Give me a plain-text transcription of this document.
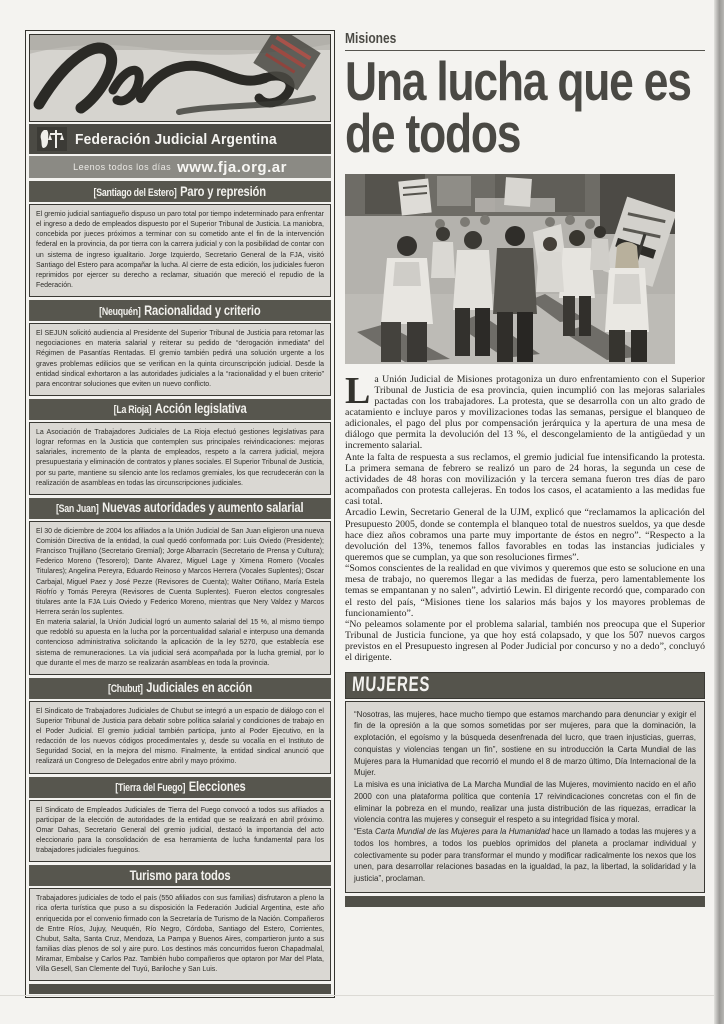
Federación Judicial Argentina
Leenos todos los días www.fja.org.ar
[Santiago del Estero] Paro y represión

El gremio judicial santiagueño dispuso un paro total por tiempo indeterminado para enfrentar el ingreso a dedo de empleados dispuesto por el Superior Tribunal de Justicia. La maniobra, concebida por jueces próximos a terminar con su cometido ante el fin de la intervención federal en la provincia, da por tierra con la carrera judicial y con la posibilidad de contar con un sistema de ingreso igualitario. Jorge Izquierdo, Secretario General de la FJA, visitó Santiago del Estero para acompañar la lucha. Al cierre de esta edición, los judiciales fueron reprimidos por ejercer su derecho a reclamar, situación que mereció el repudio de la Federación.

[Neuquén] Racionalidad y criterio

El SEJUN solicitó audiencia al Presidente del Superior Tribunal de Justicia para retomar las negociaciones en materia salarial y reiterar su pedido de “derogación inmediata” del Régimen de Pasantías Rentadas. El gremio también pedirá una solución urgente a los graves problemas edilicios que se verifican en la quinta circunscripción judicial. Desde la entidad sindical exhortaron a las autoridades judiciales a la “racionalidad y el buen criterio” para encontrar soluciones que eviten un nuevo conflicto.

[La Rioja] Acción legislativa

La Asociación de Trabajadores Judiciales de La Rioja efectuó gestiones legislativas para lograr reformas en la Justicia que contemplen sus principales reivindicaciones: mejoras salariales, incremento de la planta de empleados, respeto a la carrera judicial, mejora presupuestaria y eliminación de contratos y planes sociales. El Superior Tribunal de Justicia, por su parte, mantiene su silencio ante los reclamos gremiales, los que recrudecerán con la realización de asambleas en todas las circunscripciones judiciales.

[San Juan] Nuevas autoridades y aumento salarial

El 30 de diciembre de 2004 los afiliados a la Unión Judicial de San Juan eligieron una nueva Comisión Directiva de la entidad, la cual quedó conformada por: Luis Oviedo (Presidente); Francisco Trujillano (Secretario Gremial); Jorge Albarracín (Secretario de Prensa y Cultura); Federico Moreno (Tesorero); Dante Alvarez, Miguel Lage y Ximena Romero (Vocales Titulares); Angelina Pereyra, Eduardo Reinoso y Marcos Herrera (Vocales Suplentes); Oscar Carbajal, Miguel Paez y José Pezze (Revisores de Cuenta); Walter Otiñano, María Estela Riofrío y Tomás Pereyra (Revisores de Cuenta Suplentes). Fueron electos congresales titulares ante la FJA Luis Oviedo y Federico Moreno, mientras que Nery Valdez y Marcos Herrera serán los suplentes.

En materia salarial, la Unión Judicial logró un aumento salarial del 15 %, al mismo tiempo que redobló su apuesta en la lucha por la porcentualidad salarial e interpuso una demanda contencioso administrativa solicitando la aplicación de la ley 5270, que establecía ese sistema de remuneraciones. La vía judicial será acompañada por la lucha gremial, por lo que durante el mes de marzo se realizarán asambleas en toda la provincia.

[Chubut] Judiciales en acción

El Sindicato de Trabajadores Judiciales de Chubut se integró a un espacio de diálogo con el Superior Tribunal de Justicia para debatir sobre política salarial y condiciones de trabajo en el Poder Judicial. El gremio judicial también participa, junto al Poder Ejecutivo, en la redacción de los nuevos códigos procedimentales y, desde su vocalía en el Instituto de Seguridad Social, en la mejora del mismo. Finalmente, la entidad sindical anunció que realizará un Congreso de Delegados entre abril y mayo próximo.

[Tierra del Fuego] Elecciones

El Sindicato de Empleados Judiciales de Tierra del Fuego convocó a todos sus afiliados a participar de la elección de autoridades de la entidad que se realizará en abril próximo. Omar Dahas, Secretario General del gremio judicial, destacó la importancia del acto eleccionario para la consolidación de esa herramienta de lucha fundamental para los trabajadores judiciales fueguinos.

Turismo para todos

Trabajadores judiciales de todo el país (550 afiliados con sus familias) disfrutaron a pleno la rica oferta turística que puso a su disposición la Federación Judicial Argentina, este año enriquecida por el convenio firmado con la Secretaría de Turismo de la Nación. Compañeros de Entre Ríos, Jujuy, Neuquén, Río Negro, Córdoba, Santiago del Estero, Corrientes, Chubut, Salta, Santa Cruz, Mendoza, La Pampa y Buenos Aires, compartieron junto a sus familias días plenos de sol y aire puro. Los destinos más concurridos fueron Chapadmalal, Miramar, Embalse y Carlos Paz. También hubo compañeros que optaron por Mar del Plata, Villa Gesell, San Clemente del Tuyú, Bariloche y San Luis.

Misiones
Una lucha que es de todos

La Unión Judicial de Misiones protagoniza un duro enfrentamiento con el Superior Tribunal de Justicia de esa provincia, quien incumplió con las mejoras salariales pactadas con los trabajadores. La protesta, que se desarrolla con un alto grado de acatamiento e incluye paros y movilizaciones todas las semanas, persigue el blanqueo de adicionales, el pago del plus por compensación jerárquica y la apertura de una mesa de diálogo que permita la devolución del 13 %, el descongelamiento de la antigüedad y un incremento salarial.

Ante la falta de respuesta a sus reclamos, el gremio judicial fue intensificando la protesta. La primera semana de febrero se realizó un paro de 24 horas, la segunda un cese de actividades de 48 horas con movilización y la tercera semana fueron tres días de paro acompañados con protesta callejeras. En todos los casos, el acatamiento a las medidas fue casi total.

Arcadio Lewin, Secretario General de la UJM, explicó que “reclamamos la aplicación del Presupuesto 2005, donde se contempla el blanqueo total de nuestros sueldos, ya que desde hace diez años cobramos una parte muy importante de éstos en negro”. “Respecto a la devolución del 13%, tenemos fallos favorables en todas las instancias judiciales y queremos que se cumplan, ya que son resoluciones firmes”.

“Somos conscientes de la realidad en que vivimos y queremos que esto se solucione en una mesa de trabajo, no queremos llegar a las medidas de fuerza, pero lamentablemente los temas se empantanan y no salen”, advirtió Lewin. El dirigente recordó que, comparado con el resto del país, “Misiones tiene los salarios más bajos y los mayores problemas de funcionamiento”.

“No peleamos solamente por el problema salarial, también nos preocupa que el Superior Tribunal de Justicia funcione, ya que hoy está colapsado, y que los 507 nuevos cargos previstos en el Presupuesto ingresen al Poder Judicial por concurso y no a dedo”, concluyó el dirigente.

MUJERES

“Nosotras, las mujeres, hace mucho tiempo que estamos marchando para denunciar y exigir el fin de la opresión a la que somos sometidas por ser mujeres, para que la dominación, la explotación, el egoísmo y la búsqueda desenfrenada del lucro, que traen injusticias, guerras, conquistas y violencias tengan un fin”, sostiene en su introducción la Carta Mundial de las Mujeres para la Humanidad que recorrió el mundo el 8 de marzo último, Día Internacional de la Mujer.

La misiva es una iniciativa de La Marcha Mundial de las Mujeres, movimiento nacido en el año 2000 con una plataforma política que contenía 17 reivindicaciones concretas con el fin de eliminar la pobreza en el mundo, realizar una justa distribución de las riquezas, erradicar la violencia contra las mujeres y conseguir el respeto a su integridad física y moral.

“Esta Carta Mundial de las Mujeres para la Humanidad hace un llamado a todas las mujeres y a todos los hombres, a todos los pueblos oprimidos del planeta a proclamar individual y colectivamente su poder para transformar el mundo y modificar radicalmente los nexos que los unen, para desarrollar relaciones basadas en la igualdad, la paz, la libertad, la solidaridad y la justicia”, proclaman.
